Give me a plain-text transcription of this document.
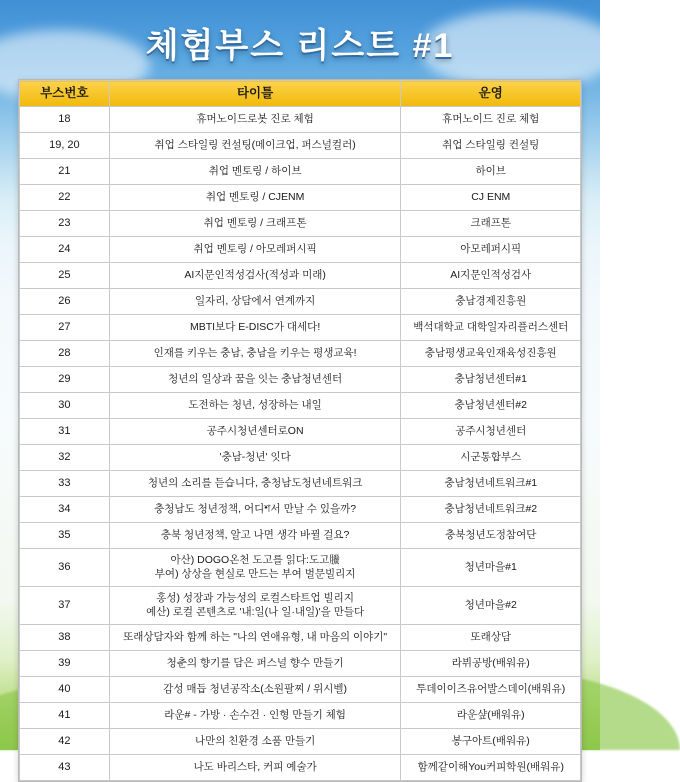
체험부스 리스트 #1
부스번호	타이틀	운영
18	휴머노이드로봇 진로 체험	휴머노이드 진로 체험
19, 20	취업 스타일링 컨설팅(메이크업, 퍼스널컬러)	취업 스타일링 컨설팅
21	취업 멘토링 / 하이브	하이브
22	취업 멘토링 / CJENM	CJ ENM
23	취업 멘토링 / 크래프톤	크래프톤
24	취업 멘토링 / 아모레퍼시픽	아모레퍼시픽
25	AI지문인적성검사(적성과 미래)	AI지문인적성검사
26	일자리, 상담에서 연계까지	충남경제진흥원
27	MBTI보다 E-DISC가 대세다!	백석대학교 대학일자리플러스센터
28	인재를 키우는 충남, 충남을 키우는 평생교육!	충남평생교육인재육성진흥원
29	청년의 일상과 꿈을 잇는 충남청년센터	충남청년센터#1
30	도전하는 청년, 성장하는 내일	충남청년센터#2
31	공주시청년센터로ON	공주시청년센터
32	'충남-청년' 잇다	시군통합부스
33	청년의 소리를 듣습니다, 충청남도청년네트워크	충남청년네트워크#1
34	충청남도 청년정책, 어디শ서 만날 수 있을까?	충남청년네트워크#2
35	충북 청년정책, 알고 나면 생각 바뀔 걸요?	충북청년도정참여단
36	아산) DOGO온천 도고를 읽다:도고鰧
부여) 상상을 현실로 만드는 부여 벌문빌리지	청년마을#1
37	홍성) 성장과 가능성의 로컬스타트업 빌리지
예산) 로컬 콘텐츠로 '내:일(나 일·내일)'을 만들다	청년마을#2
38	또래상담자와 함께 하는 "나의 연애유형, 내 마음의 이야기"	또래상담
39	청춘의 향기를 담은 퍼스널 향수 만들기	라뷔공방(배워유)
40	감성 매듭 청년공작소(소원팔찌 / 위시벨)	투데이이즈유어발스데이(배워유)
41	라운# - 가방 · 손수건 · 인형 만들기 체험	라운샾(배워유)
42	나만의 친환경 소품 만들기	봉구아트(배워유)
43	나도 바리스타, 커피 예술가	함께같이해You커피학원(배워유)
